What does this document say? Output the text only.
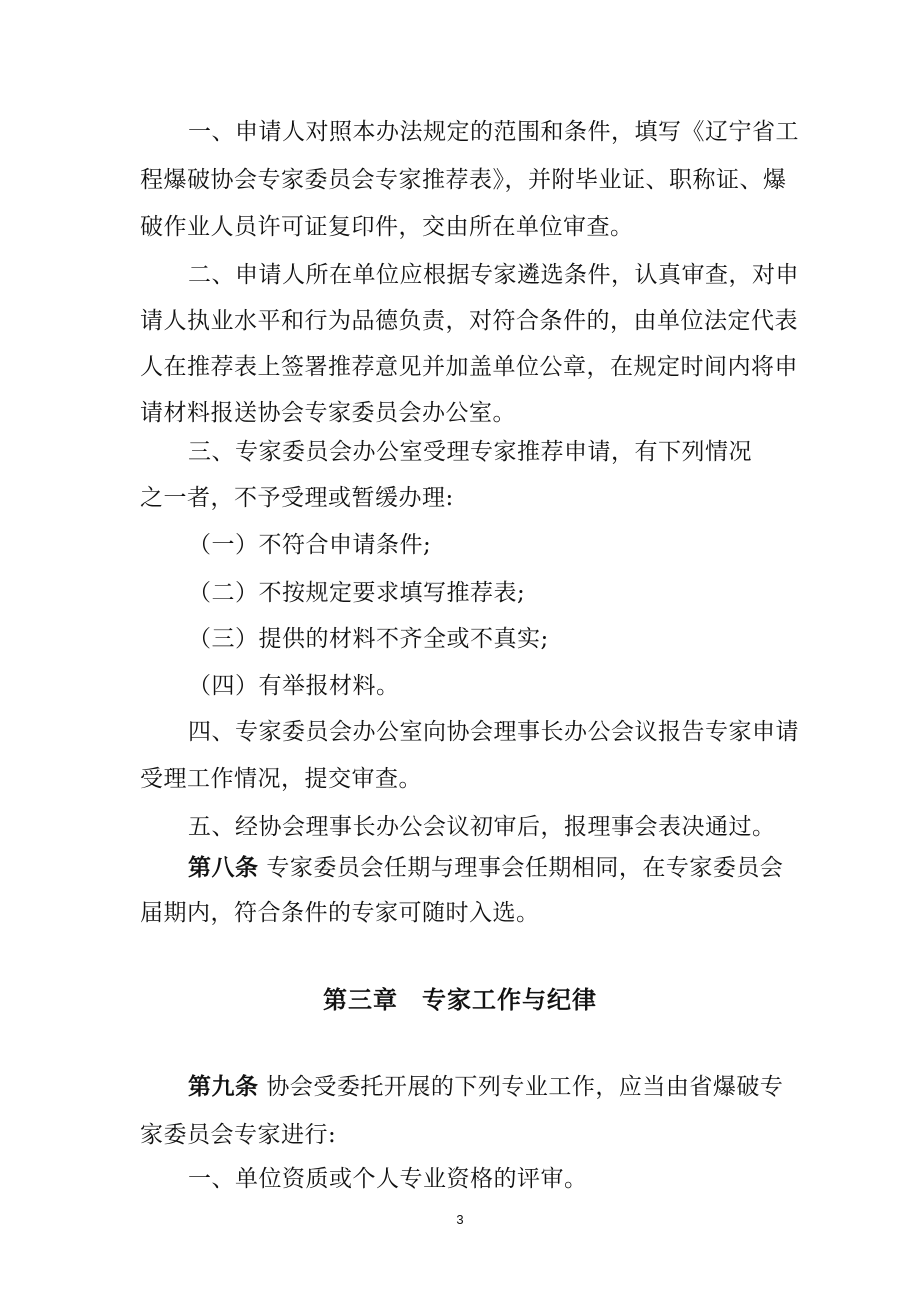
一、申请人对照本办法规定的范围和条件，填写《辽宁省工
程爆破协会专家委员会专家推荐表》，并附毕业证、职称证、爆
破作业人员许可证复印件，交由所在单位审查。
二、申请人所在单位应根据专家遴选条件，认真审查，对申
请人执业水平和行为品德负责，对符合条件的，由单位法定代表
人在推荐表上签署推荐意见并加盖单位公章，在规定时间内将申
请材料报送协会专家委员会办公室。
三、专家委员会办公室受理专家推荐申请，有下列情况
之一者，不予受理或暂缓办理:
（一）不符合申请条件;
（二）不按规定要求填写推荐表;
（三）提供的材料不齐全或不真实;
（四）有举报材料。
四、专家委员会办公室向协会理事长办公会议报告专家申请
受理工作情况，提交审查。
五、经协会理事长办公会议初审后，报理事会表决通过。
第八条 专家委员会任期与理事会任期相同，在专家委员会
届期内，符合条件的专家可随时入选。
第三章 专家工作与纪律
第九条 协会受委托开展的下列专业工作，应当由省爆破专
家委员会专家进行:
一、单位资质或个人专业资格的评审。
3
